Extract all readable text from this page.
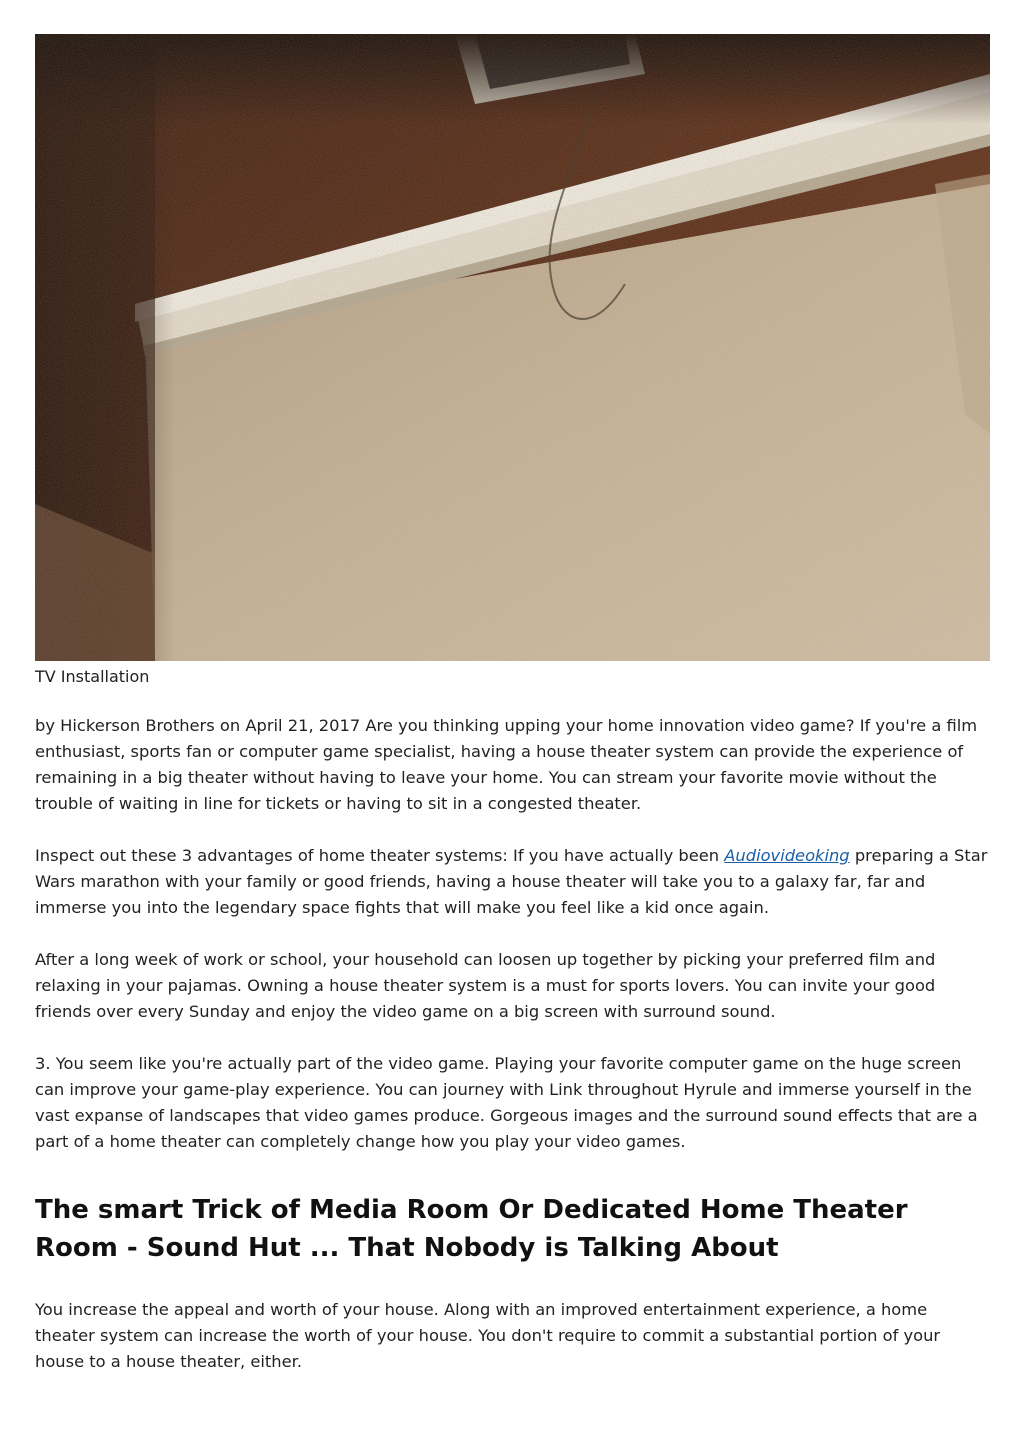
TV Installation

by Hickerson Brothers on April 21, 2017 Are you thinking upping your home innovation video game? If you're a film enthusiast, sports fan or computer game specialist, having a house theater system can provide the experience of remaining in a big theater without having to leave your home. You can stream your favorite movie without the trouble of waiting in line for tickets or having to sit in a congested theater.

Inspect out these 3 advantages of home theater systems: If you have actually been Audiovideoking preparing a Star Wars marathon with your family or good friends, having a house theater will take you to a galaxy far, far and immerse you into the legendary space fights that will make you feel like a kid once again.

After a long week of work or school, your household can loosen up together by picking your preferred film and relaxing in your pajamas. Owning a house theater system is a must for sports lovers. You can invite your good friends over every Sunday and enjoy the video game on a big screen with surround sound.

3. You seem like you're actually part of the video game. Playing your favorite computer game on the huge screen can improve your game-play experience. You can journey with Link throughout Hyrule and immerse yourself in the vast expanse of landscapes that video games produce. Gorgeous images and the surround sound effects that are a part of a home theater can completely change how you play your video games.

The smart Trick of Media Room Or Dedicated Home Theater Room - Sound Hut ... That Nobody is Talking About

You increase the appeal and worth of your house. Along with an improved entertainment experience, a home theater system can increase the worth of your house. You don't require to commit a substantial portion of your house to a house theater, either.
